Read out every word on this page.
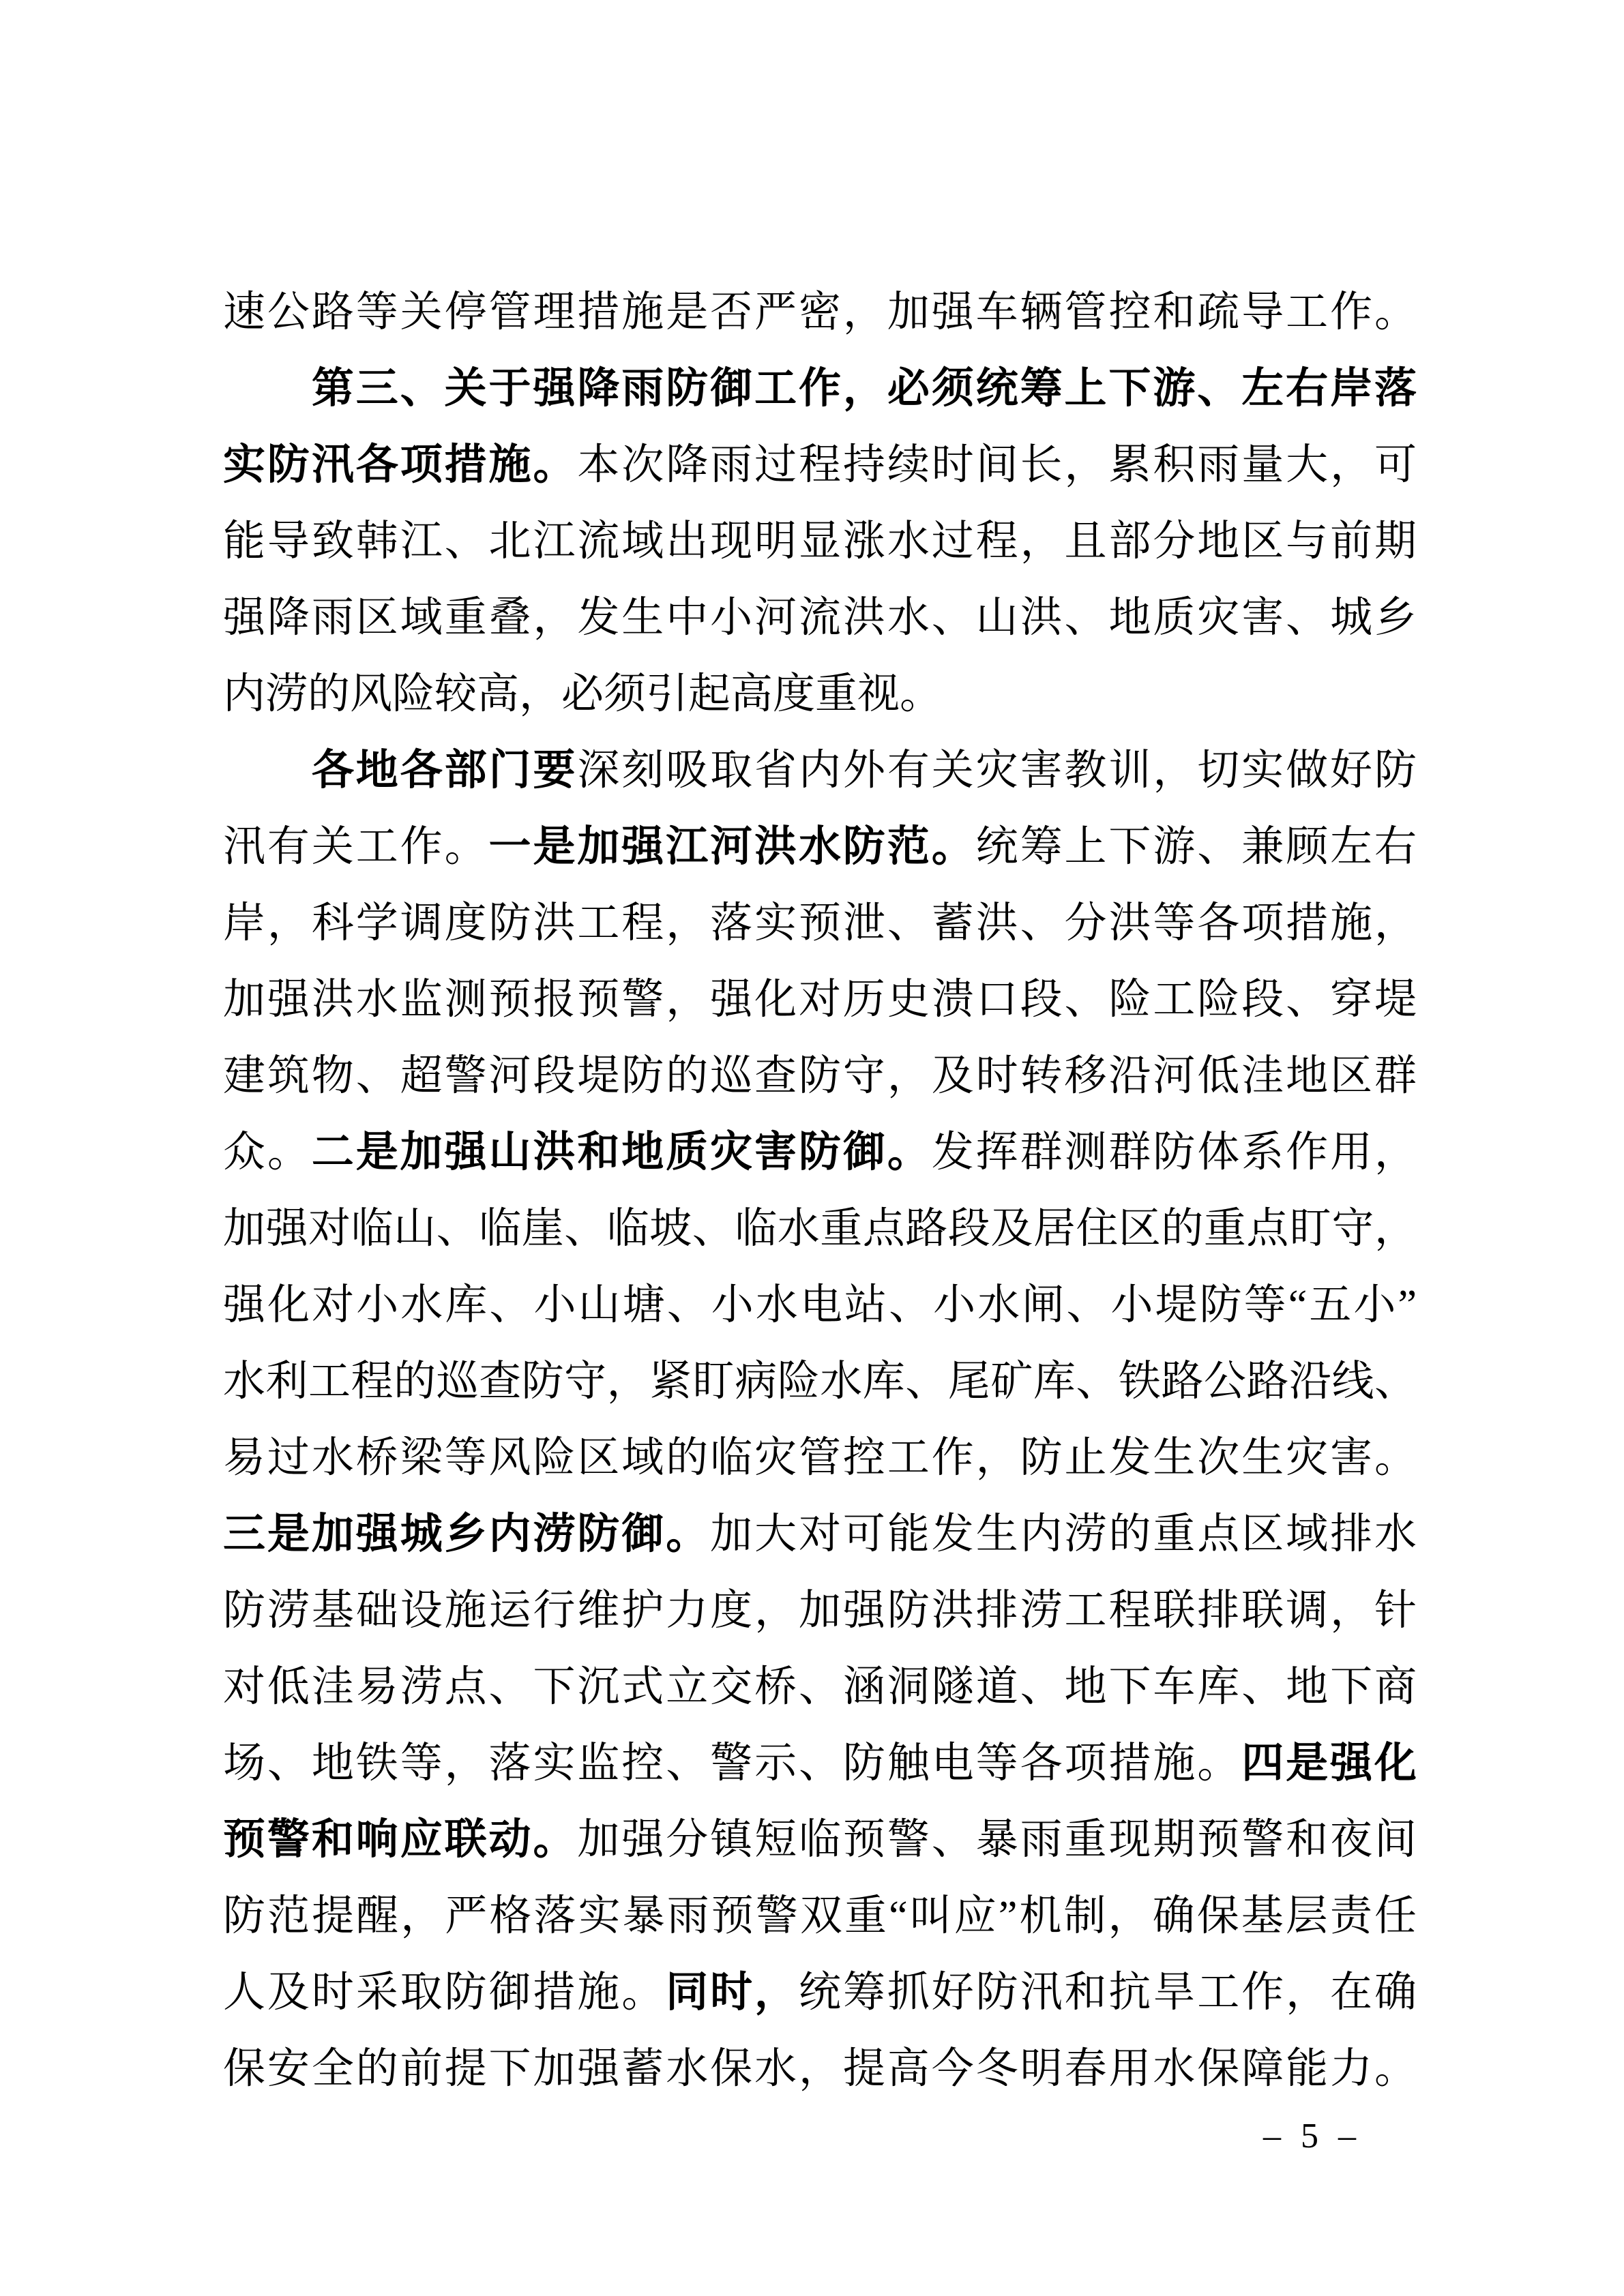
速公路等关停管理措施是否严密，加强车辆管控和疏导工作。
　　第三、关于强降雨防御工作，必须统筹上下游、左右岸落
实防汛各项措施。本次降雨过程持续时间长，累积雨量大，可
能导致韩江、北江流域出现明显涨水过程，且部分地区与前期
强降雨区域重叠，发生中小河流洪水、山洪、地质灾害、城乡
内涝的风险较高，必须引起高度重视。
　　各地各部门要深刻吸取省内外有关灾害教训，切实做好防
汛有关工作。一是加强江河洪水防范。统筹上下游、兼顾左右
岸，科学调度防洪工程，落实预泄、蓄洪、分洪等各项措施，
加强洪水监测预报预警，强化对历史溃口段、险工险段、穿堤
建筑物、超警河段堤防的巡查防守，及时转移沿河低洼地区群
众。二是加强山洪和地质灾害防御。发挥群测群防体系作用，
加强对临山、临崖、临坡、临水重点路段及居住区的重点盯守，
强化对小水库、小山塘、小水电站、小水闸、小堤防等“五小”
水利工程的巡查防守，紧盯病险水库、尾矿库、铁路公路沿线、
易过水桥梁等风险区域的临灾管控工作，防止发生次生灾害。
三是加强城乡内涝防御。加大对可能发生内涝的重点区域排水
防涝基础设施运行维护力度，加强防洪排涝工程联排联调，针
对低洼易涝点、下沉式立交桥、涵洞隧道、地下车库、地下商
场、地铁等，落实监控、警示、防触电等各项措施。四是强化
预警和响应联动。加强分镇短临预警、暴雨重现期预警和夜间
防范提醒，严格落实暴雨预警双重“叫应”机制，确保基层责任
人及时采取防御措施。同时，统筹抓好防汛和抗旱工作，在确
保安全的前提下加强蓄水保水，提高今冬明春用水保障能力。
– 5 –
